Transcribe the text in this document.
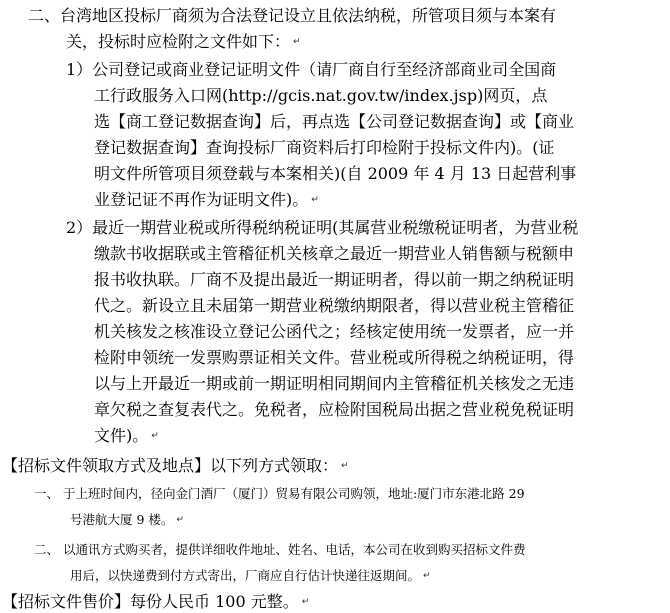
二、台湾地区投标厂商须为合法登记设立且依法纳税，所管项目须与本案有
关，投标时应检附之文件如下： ↵
1）公司登记或商业登记证明文件（请厂商自行至经济部商业司全国商
工行政服务入口网(http://gcis.nat.gov.tw/index.jsp)网页，点
选【商工登记数据查询】后，再点选【公司登记数据查询】或【商业
登记数据查询】查询投标厂商资料后打印检附于投标文件内)。(证
明文件所管项目须登载与本案相关)(自 2009 年 4 月 13 日起营利事
业登记证不再作为证明文件)。 ↵
2）最近一期营业税或所得税纳税证明(其属营业税缴税证明者，为营业税
缴款书收据联或主管稽征机关核章之最近一期营业人销售额与税额申
报书收执联。厂商不及提出最近一期证明者，得以前一期之纳税证明
代之。新设立且未届第一期营业税缴纳期限者，得以营业税主管稽征
机关核发之核准设立登记公函代之；经核定使用统一发票者，应一并
检附申领统一发票购票证相关文件。营业税或所得税之纳税证明，得
以与上开最近一期或前一期证明相同期间内主管稽征机关核发之无违
章欠税之查复表代之。免税者，应检附国税局出据之营业税免税证明
文件)。 ↵
【招标文件领取方式及地点】以下列方式领取： ↵
一、 于上班时间内，径向金门酒厂（厦门）贸易有限公司购领，地址:厦门市东港北路 29
号港航大厦 9 楼。 ↵
二、 以通讯方式购买者，提供详细收件地址、姓名、电话，本公司在收到购买招标文件费
用后，以快递费到付方式寄出，厂商应自行估计快递往返期间。 ↵
【招标文件售价】每份人民币 100 元整。 ↵
